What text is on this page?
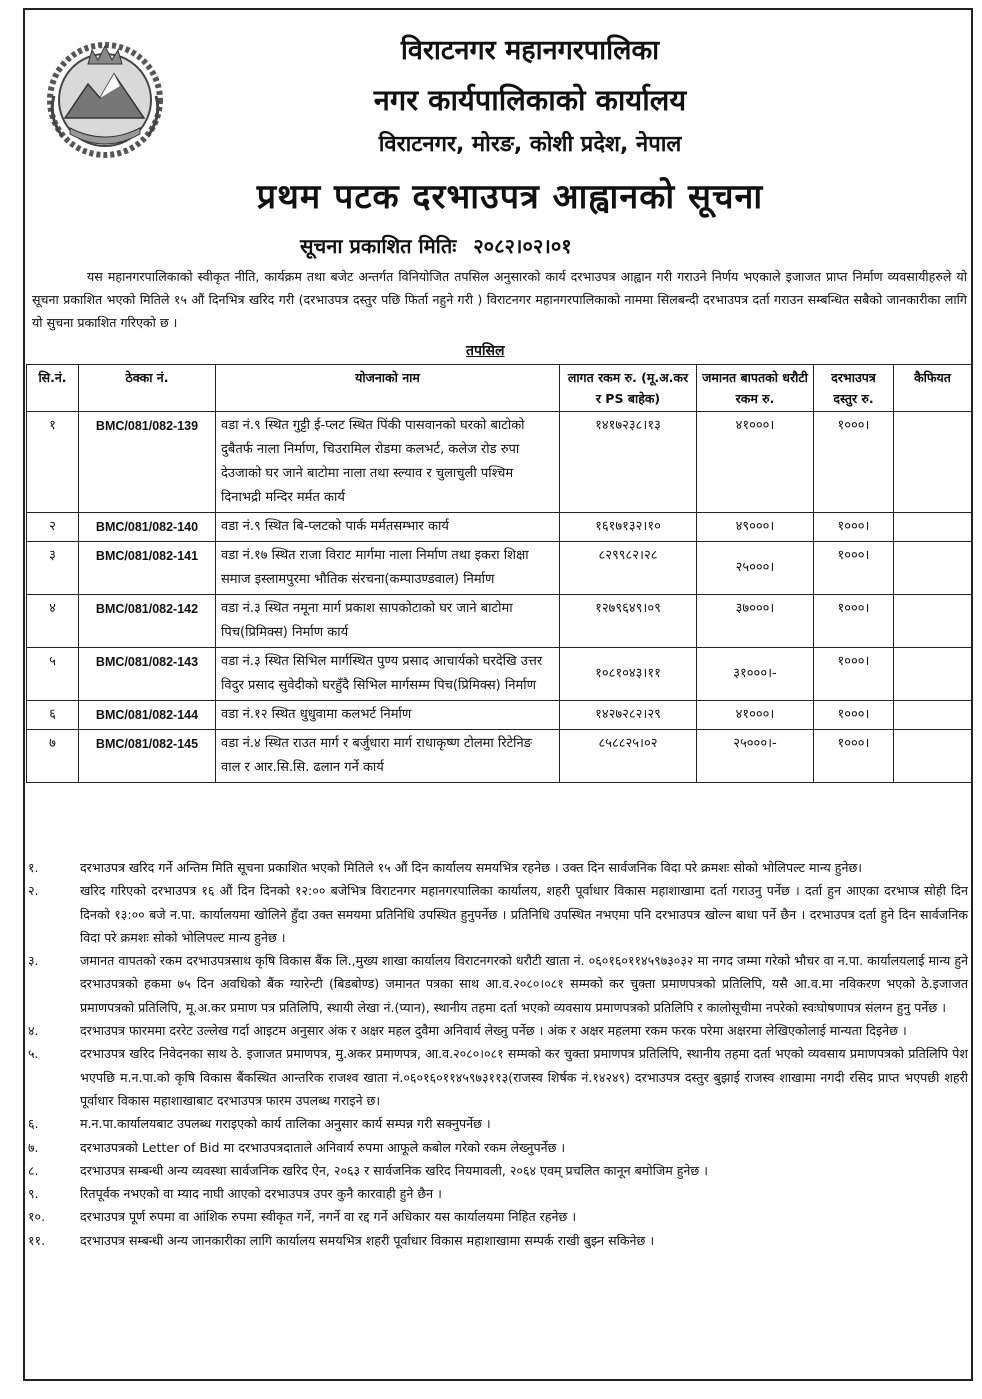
विराटनगर महानगरपालिका
नगर कार्यपालिकाको कार्यालय
विराटनगर, मोरङ, कोशी प्रदेश, नेपाल
प्रथम पटक दरभाउपत्र आह्वानको सूचना
सूचना प्रकाशित मितिः २०८२।०२।०१
यस महानगरपालिकाको स्वीकृत नीति, कार्यक्रम तथा बजेट अन्तर्गत विनियोजित तपसिल अनुसारको कार्य दरभाउपत्र आह्वान गरी गराउने निर्णय भएकाले इजाजत प्राप्त निर्माण व्यवसायीहरुले यो सूचना प्रकाशित भएको मितिले १५ औं दिनभित्र खरिद गरी (दरभाउपत्र दस्तुर पछि फिर्ता नहुने गरी ) विराटनगर महानगरपालिकाको नाममा सिलबन्दी दरभाउपत्र दर्ता गराउन सम्बन्धित सबैको जानकारीका लागि यो सुचना प्रकाशित गरिएको छ ।
तपसिल
सि.नं.	ठेक्का नं.	योजनाको नाम	लागत रकम रु. (मू.अ.कर र PS बाहेक)	जमानत बापतको धरौटी रकम रु.	दरभाउपत्र दस्तुर रु.	कैफियत
१	BMC/081/082-139	वडा नं.९ स्थित गुट्टी ई-प्लट स्थित पिंकी पासवानको घरको बाटोको दुबैतर्फ नाला निर्माण, चिउरामिल रोडमा कलभर्ट, कलेज रोड रुपा देउजाको घर जाने बाटोमा नाला तथा स्ल्याव र चुलाचुली पश्चिम दिनाभद्री मन्दिर मर्मत कार्य	१४१७२३८।१३	४१०००।	१०००।	
२	BMC/081/082-140	वडा नं.९ स्थित बि-प्लटको पार्क मर्मतसम्भार कार्य	१६१७१३२।१०	४९०००।	१०००।	
३	BMC/081/082-141	वडा नं.१७ स्थित राजा विराट मार्गमा नाला निर्माण तथा इकरा शिक्षा समाज इस्लामपुरमा भौतिक संरचना(कम्पाउण्डवाल) निर्माण	८२९९८२।२८	२५०००।	१०००।	
४	BMC/081/082-142	वडा नं.३ स्थित नमूना मार्ग प्रकाश सापकोटाको घर जाने बाटोमा पिच(प्रिमिक्स) निर्माण कार्य	१२७९६४९।०९	३७०००।	१०००।	
५	BMC/081/082-143	वडा नं.३ स्थित सिभिल मार्गस्थित पुण्य प्रसाद आचार्यको घरदेखि उत्तर विदुर प्रसाद सुवेदीको घरहुँदै सिभिल मार्गसम्म पिच(प्रिमिक्स) निर्माण	१०८१०४३।११	३१०००।-	१०००।	
६	BMC/081/082-144	वडा नं.१२ स्थित धुधुवामा कलभर्ट निर्माण	१४२७२८२।२९	४१०००।	१०००।	
७	BMC/081/082-145	वडा नं.४ स्थित राउत मार्ग र बर्जुधारा मार्ग राधाकृष्ण टोलमा रिटेनिङ वाल र आर.सि.सि. ढलान गर्ने कार्य	८५८८२५।०२	२५०००।-	१०००।	
१.	दरभाउपत्र खरिद गर्ने अन्तिम मिति सूचना प्रकाशित भएको मितिले १५ औं दिन कार्यालय समयभित्र रहनेछ । उक्त दिन सार्वजनिक विदा परे क्रमशः सोको भोलिपल्ट मान्य हुनेछ।
२.	खरिद गरिएको दरभाउपत्र १६ औं दिन दिनको १२:०० बजेभित्र विराटनगर महानगरपालिका कार्यालय, शहरी पूर्वाधार विकास महाशाखामा दर्ता गराउनु पर्नेछ । दर्ता हुन आएका दरभाप्त्र सोही दिन दिनको १३:०० बजे न.पा. कार्यालयमा खोलिने हुँदा उक्त समयमा प्रतिनिधि उपस्थित हुनुपर्नेछ । प्रतिनिधि उपस्थित नभएमा पनि दरभाउपत्र खोल्न बाधा पर्ने छैन । दरभाउपत्र दर्ता हुने दिन सार्वजनिक विदा परे क्रमशः सोको भोलिपल्ट मान्य हुनेछ ।
३.	जमानत वापतको रकम दरभाउपत्रसाथ कृषि विकास बैंक लि.,मुख्य शाखा कार्यालय विराटनगरको धरौटी खाता नं. ०६०१६०११४५९७३०३२ मा नगद जम्मा गरेको भौचर वा न.पा. कार्यालयलाई मान्य हुने दरभाउपत्रको हकमा ७५ दिन अवधिको बैंक ग्यारेन्टी (बिडबोण्ड) जमानत पत्रका साथ आ.व.२०८०।०८१ सम्मको कर चुक्ता प्रमाणपत्रको प्रतिलिपि, यसै आ.व.मा नविकरण भएको ठे.इजाजत प्रमाणपत्रको प्रतिलिपि, मू.अ.कर प्रमाण पत्र प्रतिलिपि, स्थायी लेखा नं.(प्यान), स्थानीय तहमा दर्ता भएको व्यवसाय प्रमाणपत्रको प्रतिलिपि र कालोसूचीमा नपरेको स्वःघोषणापत्र संलग्न हुनु पर्नेछ ।
४.	दरभाउपत्र फारममा दररेट उल्लेख गर्दा आइटम अनुसार अंक र अक्षर महल दुवैमा अनिवार्य लेख्नु पर्नेछ । अंक र अक्षर महलमा रकम फरक परेमा अक्षरमा लेखिएकोलाई मान्यता दिइनेछ ।
५.	दरभाउपत्र खरिद निवेदनका साथ ठे. इजाजत प्रमाणपत्र, मु.अकर प्रमाणपत्र, आ.व.२०८०।०८१ सम्मको कर चुक्ता प्रमाणपत्र प्रतिलिपि, स्थानीय तहमा दर्ता भएको व्यवसाय प्रमाणपत्रको प्रतिलिपि पेश भएपछि म.न.पा.को कृषि विकास बैंकस्थित आन्तरिक राजश्व खाता नं.०६०१६०११४५९७३११३(राजस्व शिर्षक नं.१४२४९) दरभाउपत्र दस्तुर बुझाई राजस्व शाखामा नगदी रसिद प्राप्त भएपछी शहरी पूर्वाधार विकास महाशाखाबाट दरभाउपत्र फारम उपलब्ध गराइने छ।
६.	म.न.पा.कार्यालयबाट उपलब्ध गराइएको कार्य तालिका अनुसार कार्य सम्पन्न गरी सक्नुपर्नेछ ।
७.	दरभाउपत्रको Letter of Bid मा दरभाउपत्रदाताले अनिवार्य रुपमा आफूले कबोल गरेको रकम लेख्नुपर्नेछ ।
८.	दरभाउपत्र सम्बन्धी अन्य व्यवस्था सार्वजनिक खरिद ऐन, २०६३ र सार्वजनिक खरिद नियमावली, २०६४ एवम् प्रचलित कानून बमोजिम हुनेछ ।
९.	रितपूर्वक नभएको वा म्याद नाघी आएको दरभाउपत्र उपर कुनै कारवाही हुने छैन ।
१०.	दरभाउपत्र पूर्ण रुपमा वा आंशिक रुपमा स्वीकृत गर्ने, नगर्ने वा रद्द गर्ने अधिकार यस कार्यालयमा निहित रहनेछ ।
११.	दरभाउपत्र सम्बन्धी अन्य जानकारीका लागि कार्यालय समयभित्र शहरी पूर्वाधार विकास महाशाखामा सम्पर्क राखी बुझ्न सकिनेछ ।
